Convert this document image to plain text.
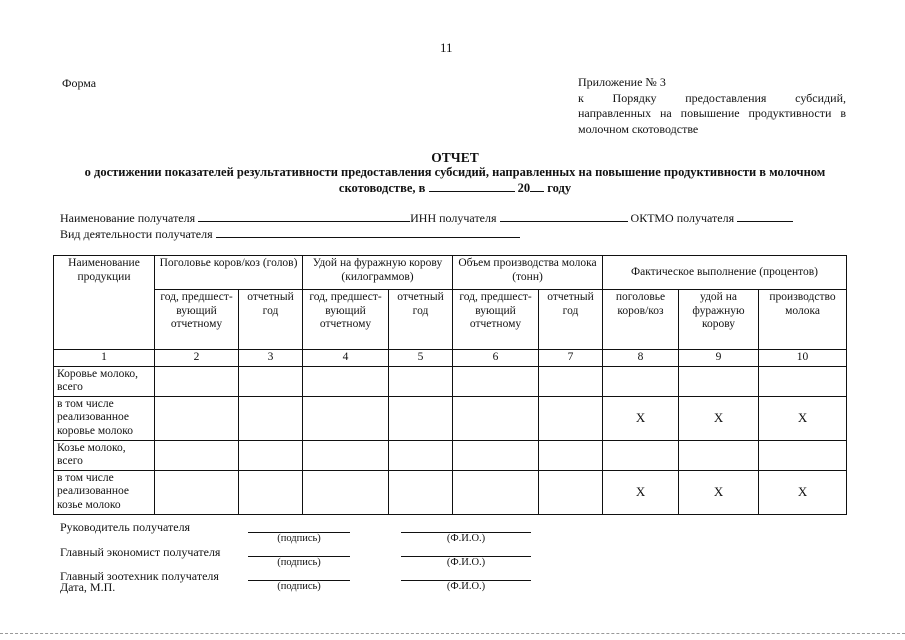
11
Форма	Приложение № 3
к Порядку предоставления субсидий,
направленных на повышение продуктивности в
молочном скотоводстве
ОТЧЕТ
о достижении показателей результативности предоставления субсидий, направленных на повышение продуктивности в молочном
скотоводстве, в	20 году
Наименование получателя	ИНН получателя	ОКТМО получателя
Вид деятельности получателя
Наименование продукции	Поголовье коров/коз (голов)		Удой на фуражную корову (килограммов)		Объем производства молока (тонн)		Фактическое выполнение (процентов)		
	год, предшест-вующий отчетному	отчетный год	год, предшест-вующий отчетному	отчетный год	год, предшест-вующий отчетному	отчетный год	поголовье коров/коз	удой на фуражную корову	производство молока
1	2	3	4	5	6	7	8	9	10
Коровье молоко, всего									
в том числе реализованное коровье молоко							X	X	X
Козье молоко, всего									
в том числе реализованное козье молоко							X	X	X
Руководитель получателя
(подпись)	(Ф.И.О.)
Главный экономист получателя
(подпись)	(Ф.И.О.)
Главный зоотехник получателя
Дата, М.П.	(подпись)	(Ф.И.О.)
